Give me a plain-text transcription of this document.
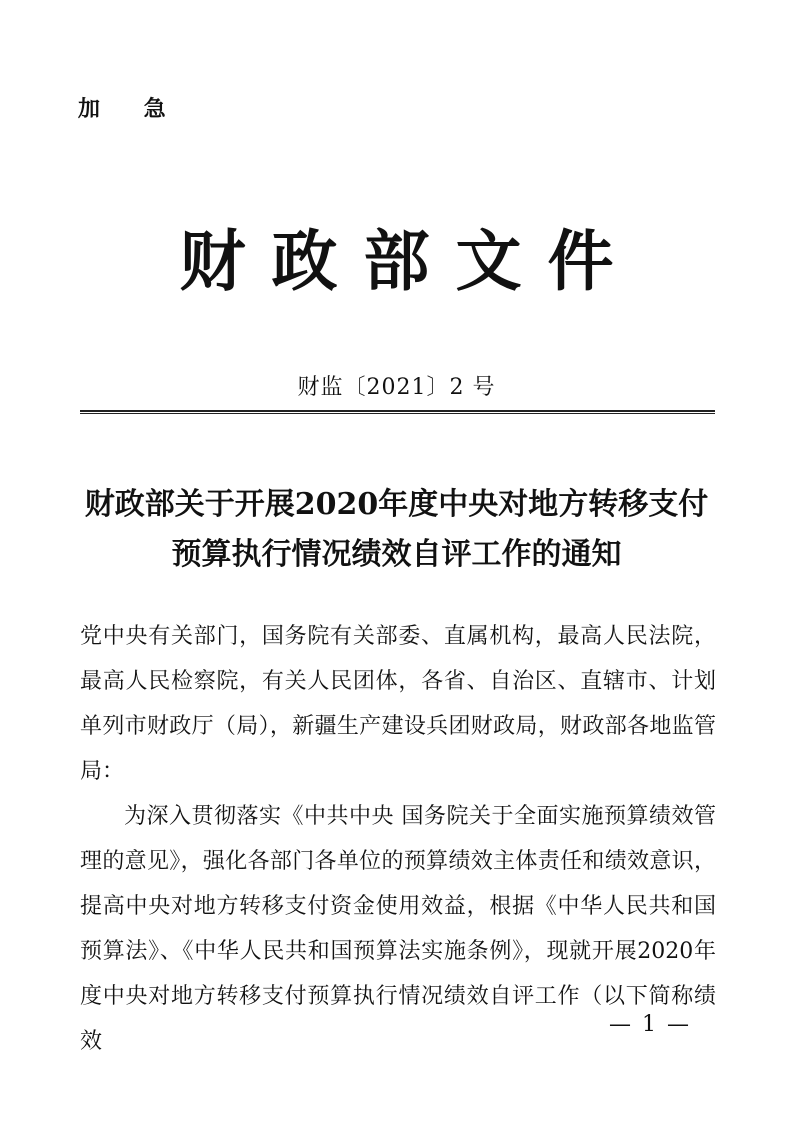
加 急
财政部文件
财监〔2021〕2 号
财政部关于开展2020年度中央对地方转移支付
预算执行情况绩效自评工作的通知

党中央有关部门，国务院有关部委、直属机构，最高人民法院，最高人民检察院，有关人民团体，各省、自治区、直辖市、计划单列市财政厅（局），新疆生产建设兵团财政局，财政部各地监管局：

为深入贯彻落实《中共中央 国务院关于全面实施预算绩效管理的意见》，强化各部门各单位的预算绩效主体责任和绩效意识，提高中央对地方转移支付资金使用效益，根据《中华人民共和国预算法》、《中华人民共和国预算法实施条例》，现就开展2020年度中央对地方转移支付预算执行情况绩效自评工作（以下简称绩效

— 1 —
